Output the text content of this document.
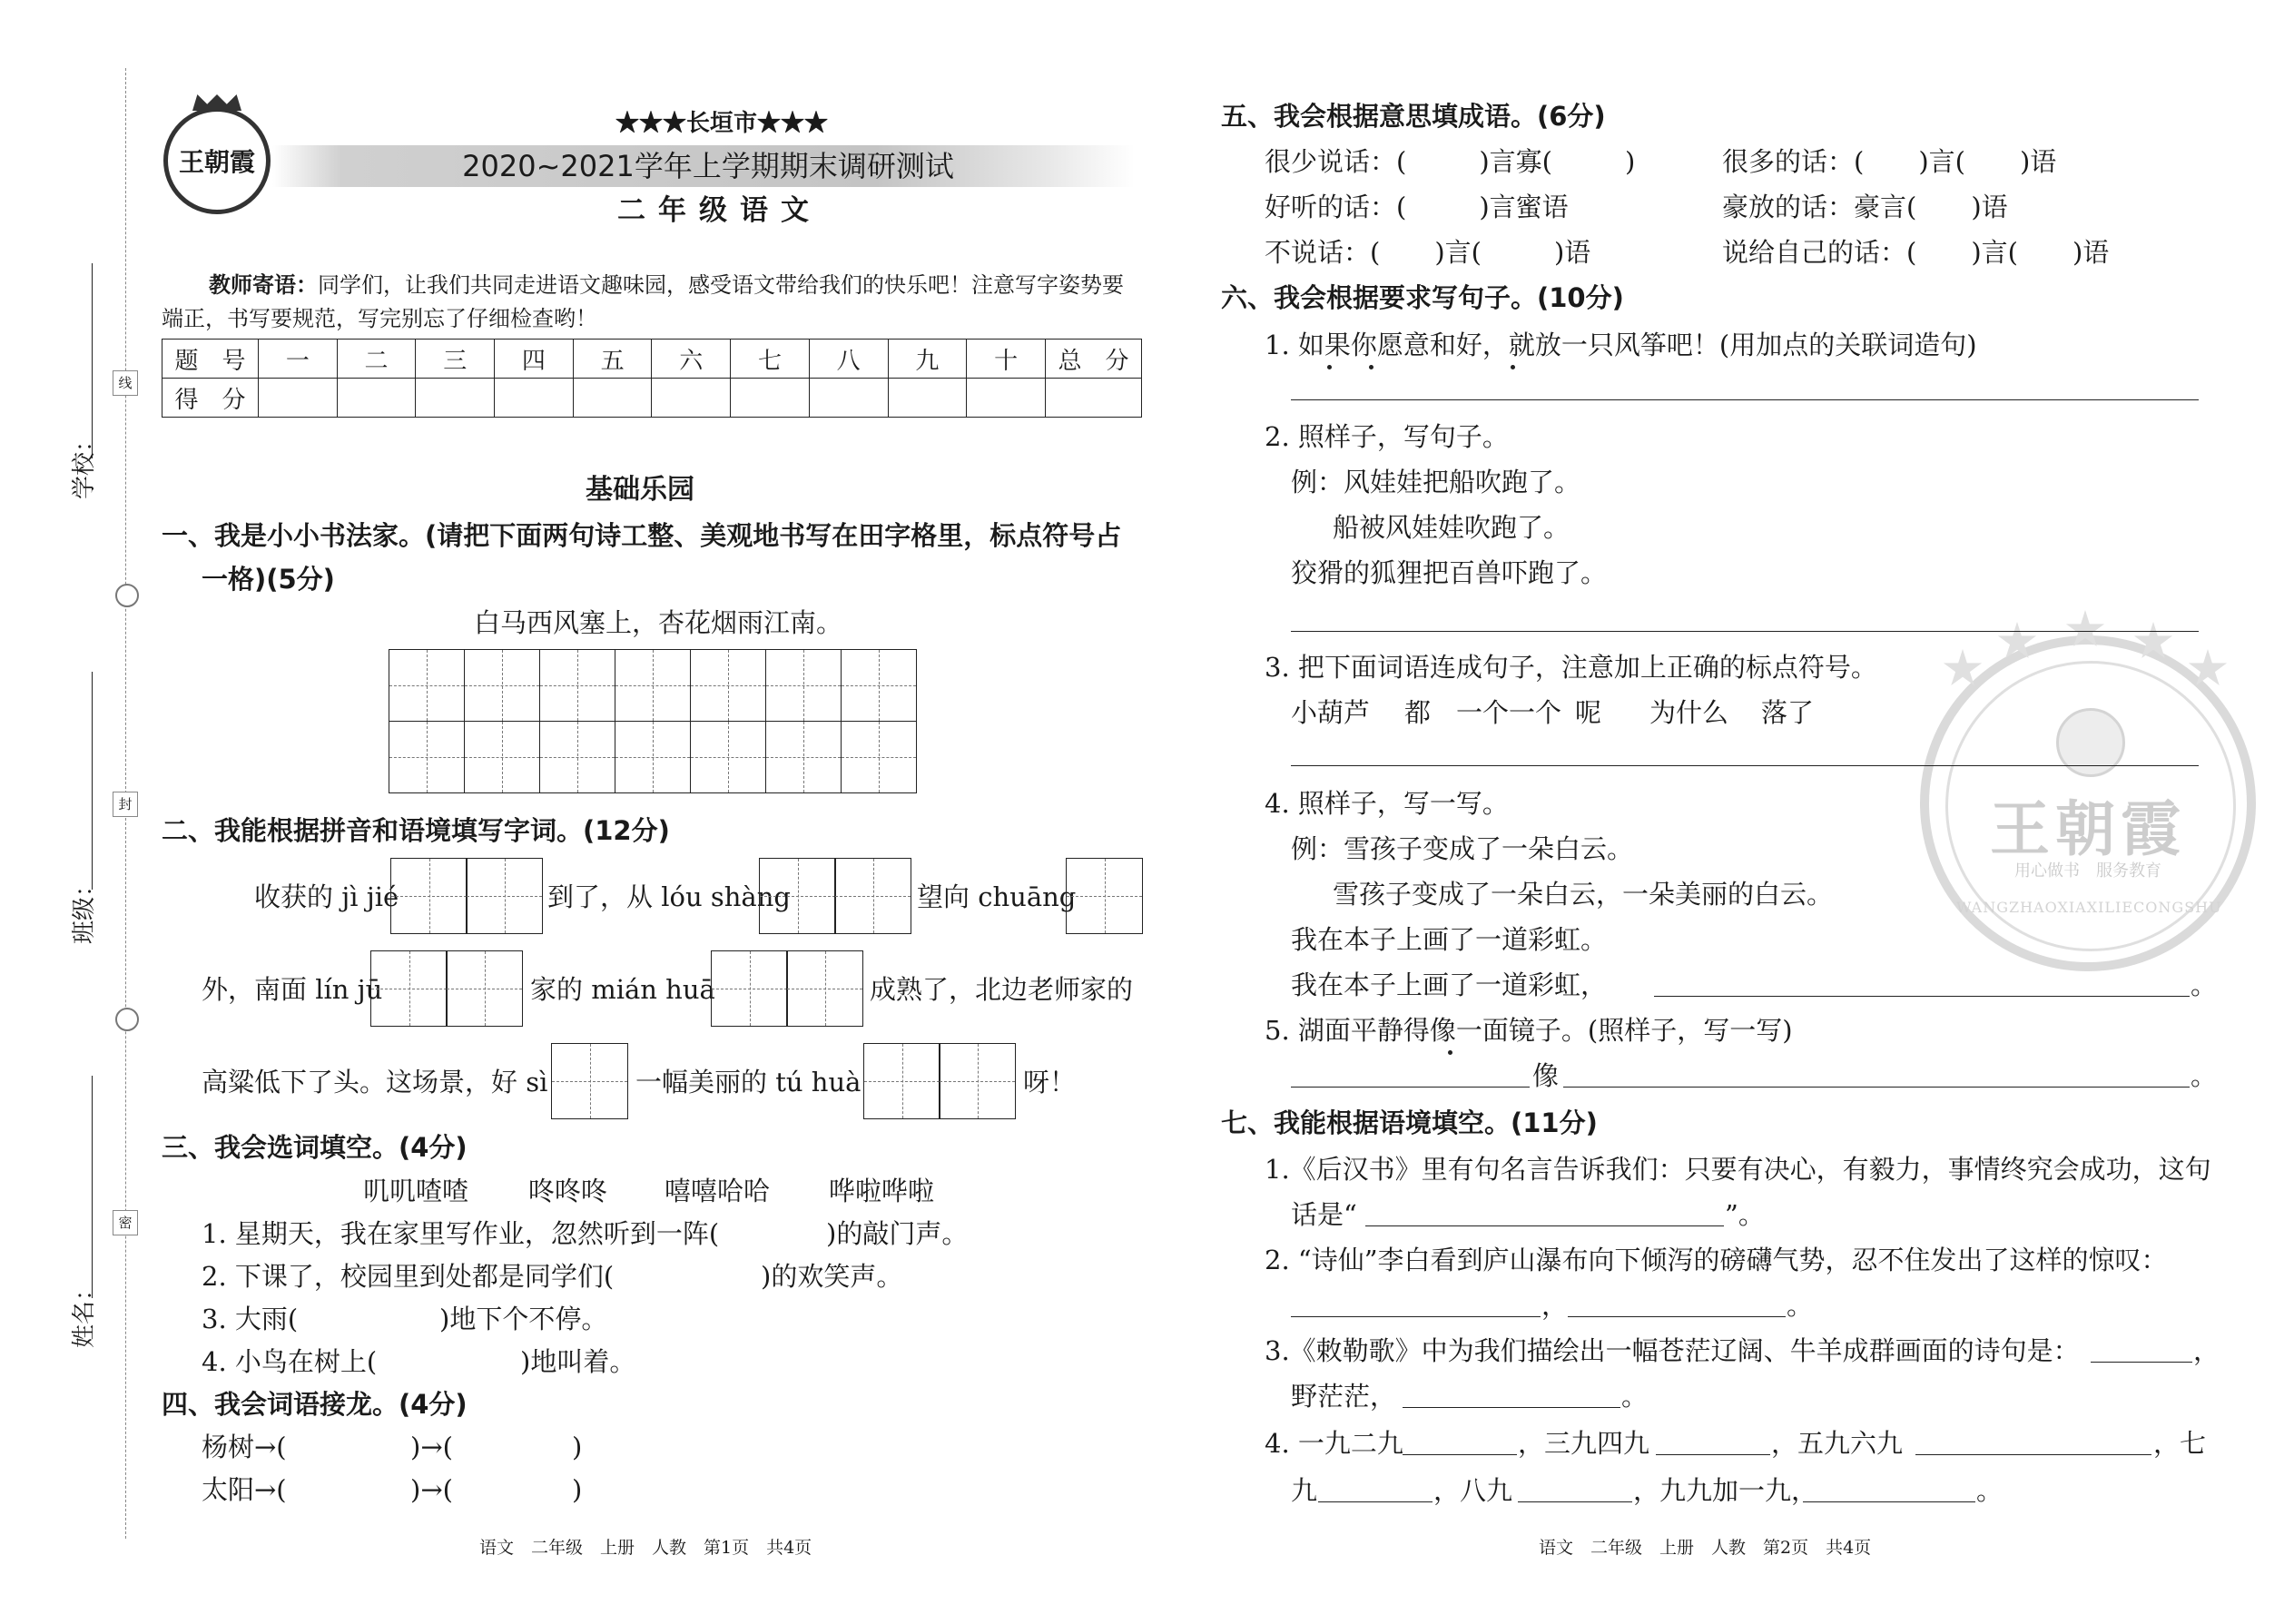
线
封
密
学校：
班级：
姓名：
王朝霞
★★★长垣市★★★
2020~2021学年上学期期末调研测试
二年级语文
教师寄语：同学们，让我们共同走进语文趣味园，感受语文带给我们的快乐吧！注意写字姿势要
端正，书写要规范，写完别忘了仔细检查哟！
题　号	一	二	三	四	五	六	七	八	九	十	总　分
得　分											
基础乐园
一、我是小小书法家。(请把下面两句诗工整、美观地书写在田字格里，标点符号占
一格)(5分)
白马西风塞上，杏花烟雨江南。
二、我能根据拼音和语境填写字词。(12分)
收获的 jì jié	到了，从 lóu shàng	望向 chuāng
外，南面 lín jū	家的 mián huā	成熟了，北边老师家的
高粱低下了头。这场景，好 sì	一幅美丽的 tú huà	呀！
三、我会选词填空。(4分)
叽叽喳喳 咚咚咚 嘻嘻哈哈 哗啦哗啦
1. 星期天，我在家里写作业，忽然听到一阵(	)的敲门声。
2. 下课了，校园里到处都是同学们(	)的欢笑声。
3. 大雨(	)地下个不停。
4. 小鸟在树上(	)地叫着。
四、我会词语接龙。(4分)
杨树→(	)→(	)
太阳→(	)→(	)
语文　二年级　上册　人教　第1页　共4页
王朝霞
用心做书　服务教育
WANGZHAOXIAXILIECONGSHU
五、我会根据意思填成语。(6分)
很少说话：(	)言寡(	)	很多的话：( )言( )语
好听的话：(	)言蜜语	豪放的话：豪言( )语
不说话：( )言(	)语	说给自己的话：( )言( )语
六、我会根据要求写句子。(10分)
1. 如果你愿意和好，就放一只风筝吧！(用加点的关联词造句)
2. 照样子，写句子。
例：风娃娃把船吹跑了。
船被风娃娃吹跑了。
狡猾的狐狸把百兽吓跑了。
3. 把下面词语连成句子，注意加上正确的标点符号。
小葫芦 都 一个一个 呢 为什么 落了
4. 照样子，写一写。
例：雪孩子变成了一朵白云。
雪孩子变成了一朵白云，一朵美丽的白云。
我在本子上画了一道彩虹。
我在本子上画了一道彩虹，	。
5. 湖面平静得像一面镜子。(照样子，写一写)
像	。
七、我能根据语境填空。(11分)
1.《后汉书》里有句名言告诉我们：只要有决心，有毅力，事情终究会成功，这句
话是“	”。
2. “诗仙”李白看到庐山瀑布向下倾泻的磅礴气势，忍不住发出了这样的惊叹：
，	。
3.《敕勒歌》中为我们描绘出一幅苍茫辽阔、牛羊成群画面的诗句是：	，
野茫茫，	。
4. 一九二九	，三九四九	，五九六九	，七
九	，八九	，九九加一九，	。
语文　二年级　上册　人教　第2页　共4页
